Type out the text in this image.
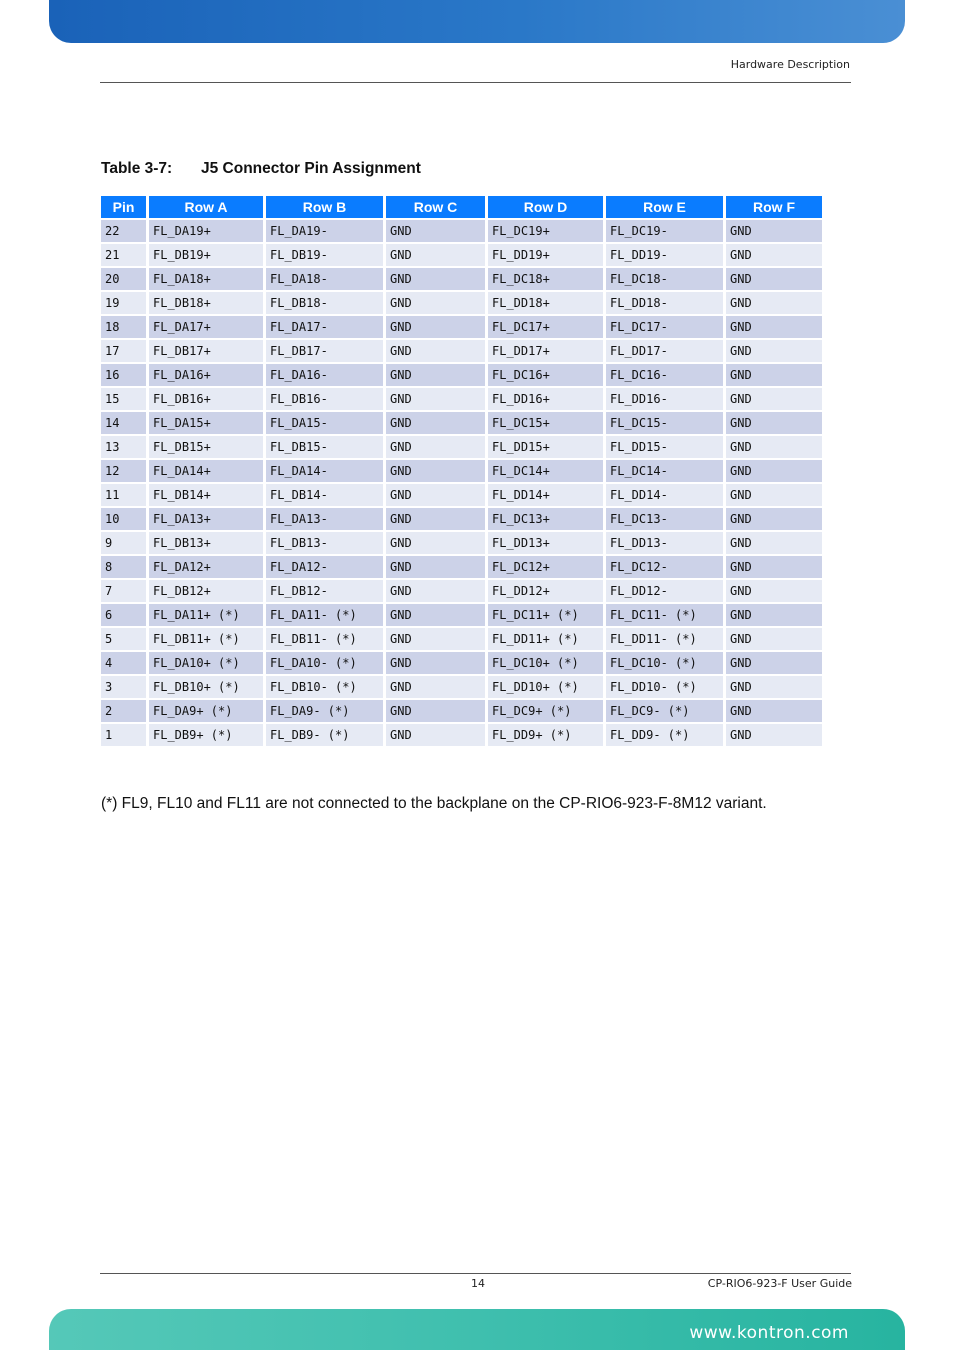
Hardware Description
Table 3-7:	J5 Connector Pin Assignment
Pin	Row A	Row B	Row C	Row D	Row E	Row F
22	FL_DA19+	FL_DA19-	GND	FL_DC19+	FL_DC19-	GND
21	FL_DB19+	FL_DB19-	GND	FL_DD19+	FL_DD19-	GND
20	FL_DA18+	FL_DA18-	GND	FL_DC18+	FL_DC18-	GND
19	FL_DB18+	FL_DB18-	GND	FL_DD18+	FL_DD18-	GND
18	FL_DA17+	FL_DA17-	GND	FL_DC17+	FL_DC17-	GND
17	FL_DB17+	FL_DB17-	GND	FL_DD17+	FL_DD17-	GND
16	FL_DA16+	FL_DA16-	GND	FL_DC16+	FL_DC16-	GND
15	FL_DB16+	FL_DB16-	GND	FL_DD16+	FL_DD16-	GND
14	FL_DA15+	FL_DA15-	GND	FL_DC15+	FL_DC15-	GND
13	FL_DB15+	FL_DB15-	GND	FL_DD15+	FL_DD15-	GND
12	FL_DA14+	FL_DA14-	GND	FL_DC14+	FL_DC14-	GND
11	FL_DB14+	FL_DB14-	GND	FL_DD14+	FL_DD14-	GND
10	FL_DA13+	FL_DA13-	GND	FL_DC13+	FL_DC13-	GND
9	FL_DB13+	FL_DB13-	GND	FL_DD13+	FL_DD13-	GND
8	FL_DA12+	FL_DA12-	GND	FL_DC12+	FL_DC12-	GND
7	FL_DB12+	FL_DB12-	GND	FL_DD12+	FL_DD12-	GND
6	FL_DA11+ (*)	FL_DA11- (*)	GND	FL_DC11+ (*)	FL_DC11- (*)	GND
5	FL_DB11+ (*)	FL_DB11- (*)	GND	FL_DD11+ (*)	FL_DD11- (*)	GND
4	FL_DA10+ (*)	FL_DA10- (*)	GND	FL_DC10+ (*)	FL_DC10- (*)	GND
3	FL_DB10+ (*)	FL_DB10- (*)	GND	FL_DD10+ (*)	FL_DD10- (*)	GND
2	FL_DA9+ (*)	FL_DA9- (*)	GND	FL_DC9+ (*)	FL_DC9- (*)	GND
1	FL_DB9+ (*)	FL_DB9- (*)	GND	FL_DD9+ (*)	FL_DD9- (*)	GND
(*) FL9, FL10 and FL11 are not connected to the backplane on the CP-RIO6-923-F-8M12 variant.
14	CP-RIO6-923-F User Guide
www.kontron.com
